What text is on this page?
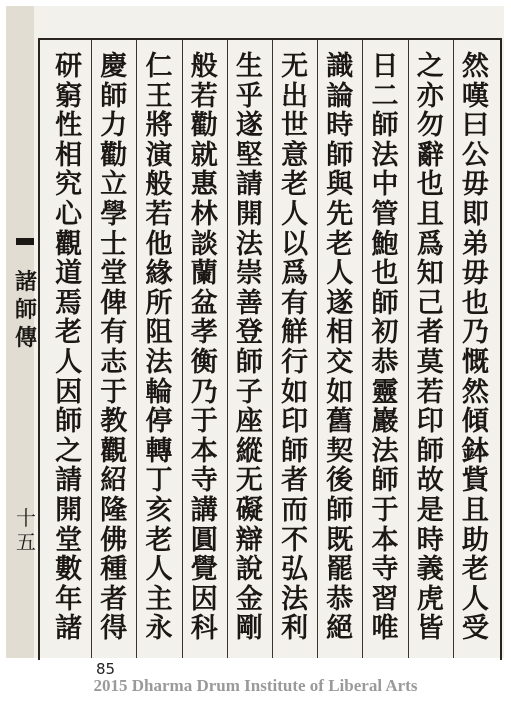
諸
師
傳
十
五
然
嘆
曰
公
毋
即
弟
毋
也
乃
慨
然
傾
鉢
貲
且
助
老
人
受
之
亦
勿
辭
也
且
爲
知
己
者
莫
若
印
師
故
是
時
義
虎
皆
日
二
師
法
中
管
鮑
也
師
初
恭
靈
巖
法
師
于
本
寺
習
唯
識
論
時
師
與
先
老
人
遂
相
交
如
舊
契
後
師
既
罷
恭
絕
无
出
世
意
老
人
以
爲
有
觧
行
如
印
師
者
而
不
弘
法
利
生
乎
遂
堅
請
開
法
崇
善
登
師
子
座
縱
无
礙
辯
說
金
剛
般
若
勸
就
惠
林
談
蘭
盆
孝
衡
乃
于
本
寺
講
圓
覺
因
科
仁
王
將
演
般
若
他
緣
所
阻
法
輪
停
轉
丁
亥
老
人
主
永
慶
師
力
勸
立
學
士
堂
俾
有
志
于
教
觀
紹
隆
佛
種
者
得
研
窮
性
相
究
心
觀
道
焉
老
人
因
師
之
請
開
堂
數
年
諸
85
2015 Dharma Drum Institute of Liberal Arts
